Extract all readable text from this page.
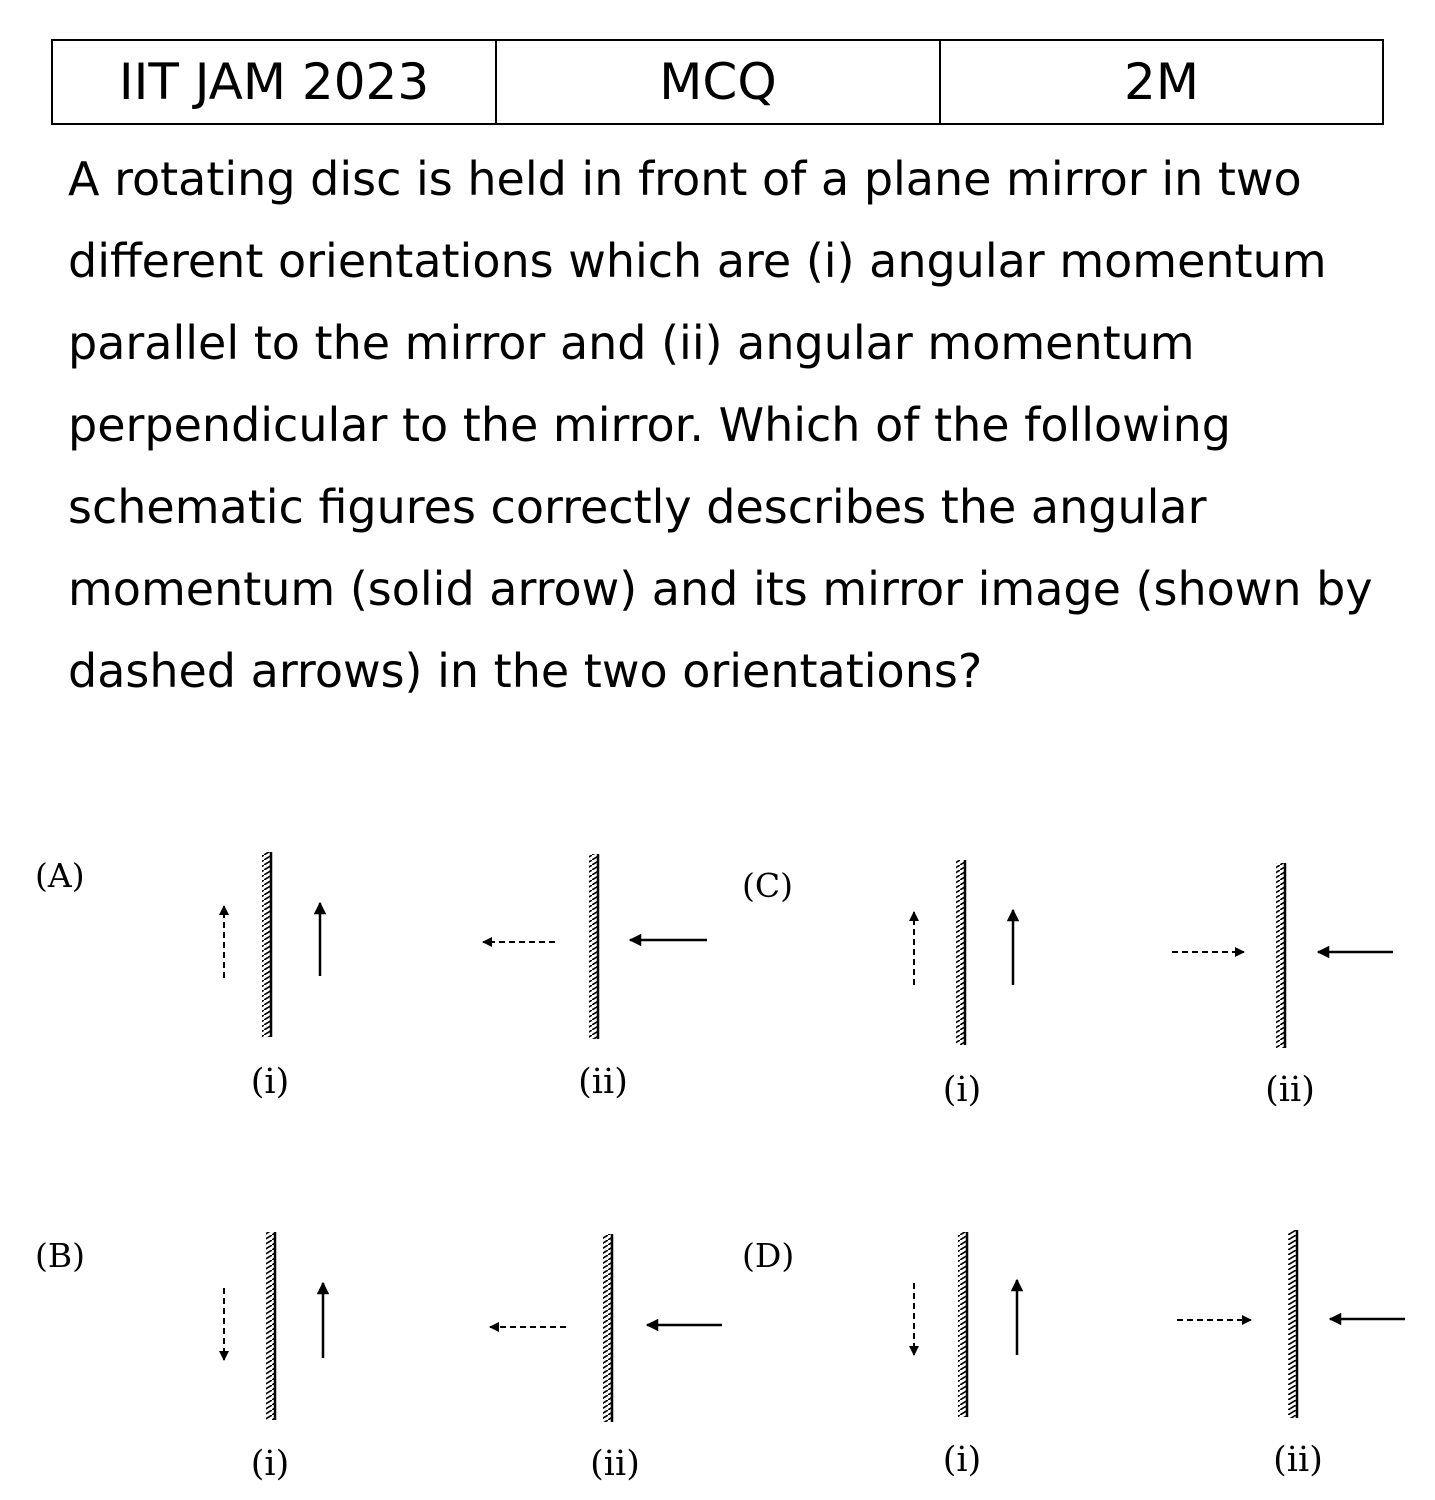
IIT JAM 2023	MCQ	2M

A rotating disc is held in front of a plane mirror in two different orientations which are (i) angular momentum parallel to the mirror and (ii) angular momentum perpendicular to the mirror. Which of the following schematic figures correctly describes the angular momentum (solid arrow) and its mirror image (shown by dashed arrows) in the two orientations?

(A)
(B)
(C)
(D)
(i)	(ii)
(i)	(ii)
(i)	(ii)
(i)	(ii)
